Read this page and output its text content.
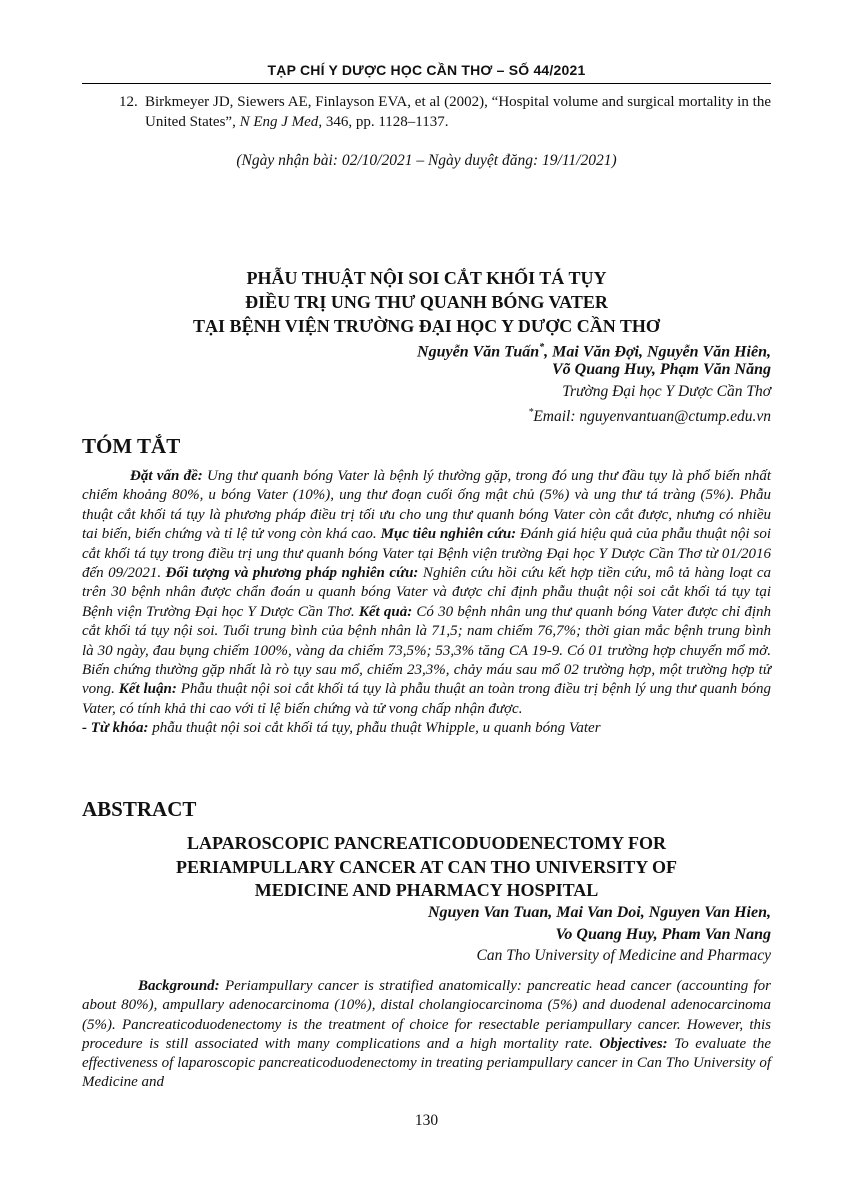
TẠP CHÍ Y DƯỢC HỌC CẦN THƠ – SỐ 44/2021
12. Birkmeyer JD, Siewers AE, Finlayson EVA, et al (2002), “Hospital volume and surgical mortality in the United States”, N Eng J Med, 346, pp. 1128–1137.
(Ngày nhận bài: 02/10/2021 – Ngày duyệt đăng: 19/11/2021)
PHẪU THUẬT NỘI SOI CẮT KHỐI TÁ TỤY
ĐIỀU TRỊ UNG THƯ QUANH BÓNG VATER
TẠI BỆNH VIỆN TRƯỜNG ĐẠI HỌC Y DƯỢC CẦN THƠ
Nguyễn Văn Tuấn*, Mai Văn Đợi, Nguyễn Văn Hiên,
Võ Quang Huy, Phạm Văn Năng
Trường Đại học Y Dược Cần Thơ
*Email: nguyenvantuan@ctump.edu.vn
TÓM TẮT
Đặt vấn đề: Ung thư quanh bóng Vater là bệnh lý thường gặp, trong đó ung thư đầu tụy là phổ biến nhất chiếm khoảng 80%, u bóng Vater (10%), ung thư đoạn cuối ống mật chủ (5%) và ung thư tá tràng (5%). Phẫu thuật cắt khối tá tụy là phương pháp điều trị tối ưu cho ung thư quanh bóng Vater còn cắt được, nhưng có nhiều tai biến, biến chứng và tỉ lệ tử vong còn khá cao. Mục tiêu nghiên cứu: Đánh giá hiệu quả của phẫu thuật nội soi cắt khối tá tụy trong điều trị ung thư quanh bóng Vater tại Bệnh viện trường Đại học Y Dược Cần Thơ từ 01/2016 đến 09/2021. Đối tượng và phương pháp nghiên cứu: Nghiên cứu hồi cứu kết hợp tiền cứu, mô tả hàng loạt ca trên 30 bệnh nhân được chẩn đoán u quanh bóng Vater và được chỉ định phẫu thuật nội soi cắt khối tá tụy tại Bệnh viện Trường Đại học Y Dược Cần Thơ. Kết quả: Có 30 bệnh nhân ung thư quanh bóng Vater được chỉ định cắt khối tá tụy nội soi. Tuổi trung bình của bệnh nhân là 71,5; nam chiếm 76,7%; thời gian mắc bệnh trung bình là 30 ngày, đau bụng chiếm 100%, vàng da chiếm 73,5%; 53,3% tăng CA 19-9. Có 01 trường hợp chuyển mổ mở. Biến chứng thường gặp nhất là rò tụy sau mổ, chiếm 23,3%, chảy máu sau mổ 02 trường hợp, một trường hợp tử vong. Kết luận: Phẫu thuật nội soi cắt khối tá tụy là phẫu thuật an toàn trong điều trị bệnh lý ung thư quanh bóng Vater, có tính khả thi cao với tỉ lệ biến chứng và tử vong chấp nhận được.
- Từ khóa: phẫu thuật nội soi cắt khối tá tụy, phẫu thuật Whipple, u quanh bóng Vater
ABSTRACT
LAPAROSCOPIC PANCREATICODUODENECTOMY FOR
PERIAMPULLARY CANCER AT CAN THO UNIVERSITY OF
MEDICINE AND PHARMACY HOSPITAL
Nguyen Van Tuan, Mai Van Doi, Nguyen Van Hien,
Vo Quang Huy, Pham Van Nang
Can Tho University of Medicine and Pharmacy
Background: Periampullary cancer is stratified anatomically: pancreatic head cancer (accounting for about 80%), ampullary adenocarcinoma (10%), distal cholangiocarcinoma (5%) and duodenal adenocarcinoma (5%). Pancreaticoduodenectomy is the treatment of choice for resectable periampullary cancer. However, this procedure is still associated with many complications and a high mortality rate. Objectives: To evaluate the effectiveness of laparoscopic pancreaticoduodenectomy in treating periampullary cancer in Can Tho University of Medicine and
130
